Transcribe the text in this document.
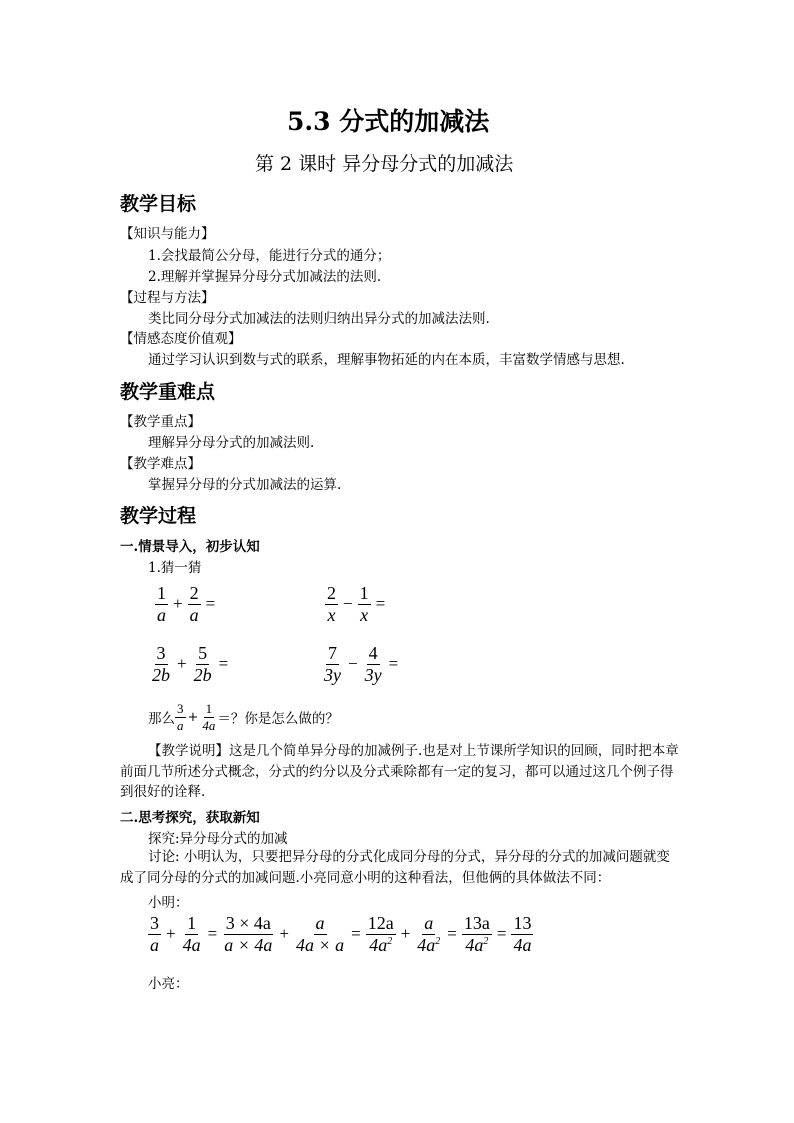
5.3 分式的加减法
第 2 课时 异分母分式的加减法
教学目标
【知识与能力】
1.会找最简公分母，能进行分式的通分；
2.理解并掌握异分母分式加减法的法则.
【过程与方法】
类比同分母分式加减法的法则归纳出异分式的加减法法则.
【情感态度价值观】
通过学习认识到数与式的联系，理解事物拓延的内在本质，丰富数学情感与思想.
教学重难点
【教学重点】
理解异分母分式的加减法则.
【教学难点】
掌握异分母的分式加减法的运算.
教学过程
一.情景导入，初步认知
1.猜一猜
$\frac{1}{a} + \frac{2}{a}$ =	$\frac{2}{x} - \frac{1}{x}$ =
$\frac{3}{2b} + \frac{5}{2b}$ =	$\frac{7}{3y} - \frac{4}{3y}$ =
那么 $\frac{3}{a} + \frac{1}{4a}$ ＝？你是怎么做的？
【教学说明】这是几个简单异分母的加减例子.也是对上节课所学知识的回顾，同时把本章前面几节所述分式概念，分式的约分以及分式乘除都有一定的复习，都可以通过这几个例子得到很好的诠释.
二.思考探究，获取新知
探究:异分母分式的加减
讨论: 小明认为，只要把异分母的分式化成同分母的分式，异分母的分式的加减问题就变成了同分母的分式的加减问题.小亮同意小明的这种看法，但他俩的具体做法不同：
小明：
$\frac{3}{a} + \frac{1}{4a} = \frac{3 \times 4a}{a \times 4a} + \frac{a}{4a \times a} = \frac{12a}{4a^2} + \frac{a}{4a^2} = \frac{13a}{4a^2} = \frac{13}{4a}$
小亮：
